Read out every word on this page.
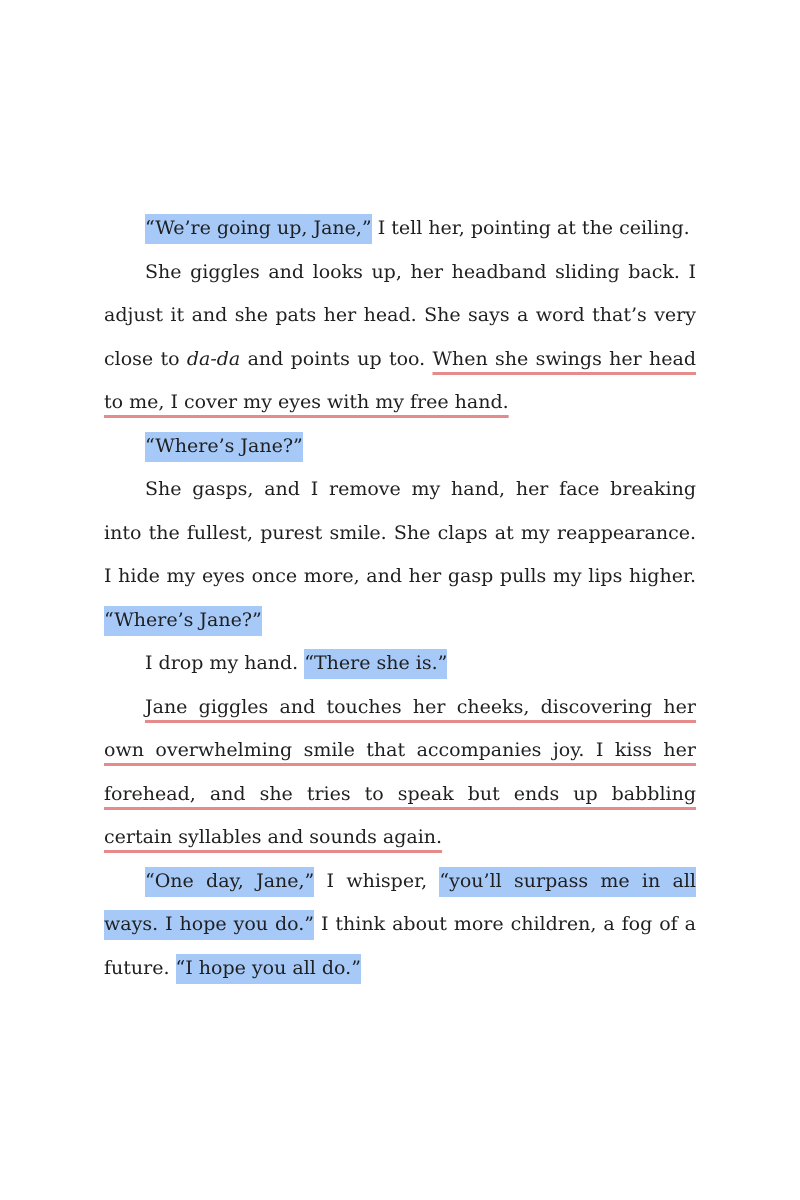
“We’re going up, Jane,” I tell her, pointing at the ceiling.

She giggles and looks up, her headband sliding back. I adjust it and she pats her head. She says a word that’s very close to da-da and points up too. When she swings her head to me, I cover my eyes with my free hand.

“Where’s Jane?”

She gasps, and I remove my hand, her face breaking into the fullest, purest smile. She claps at my reappearance. I hide my eyes once more, and her gasp pulls my lips higher. “Where’s Jane?”

I drop my hand. “There she is.”

Jane giggles and touches her cheeks, discovering her own overwhelming smile that accompanies joy. I kiss her forehead, and she tries to speak but ends up babbling certain syllables and sounds again.

“One day, Jane,” I whisper, “you’ll surpass me in all ways. I hope you do.” I think about more children, a fog of a future. “I hope you all do.”
